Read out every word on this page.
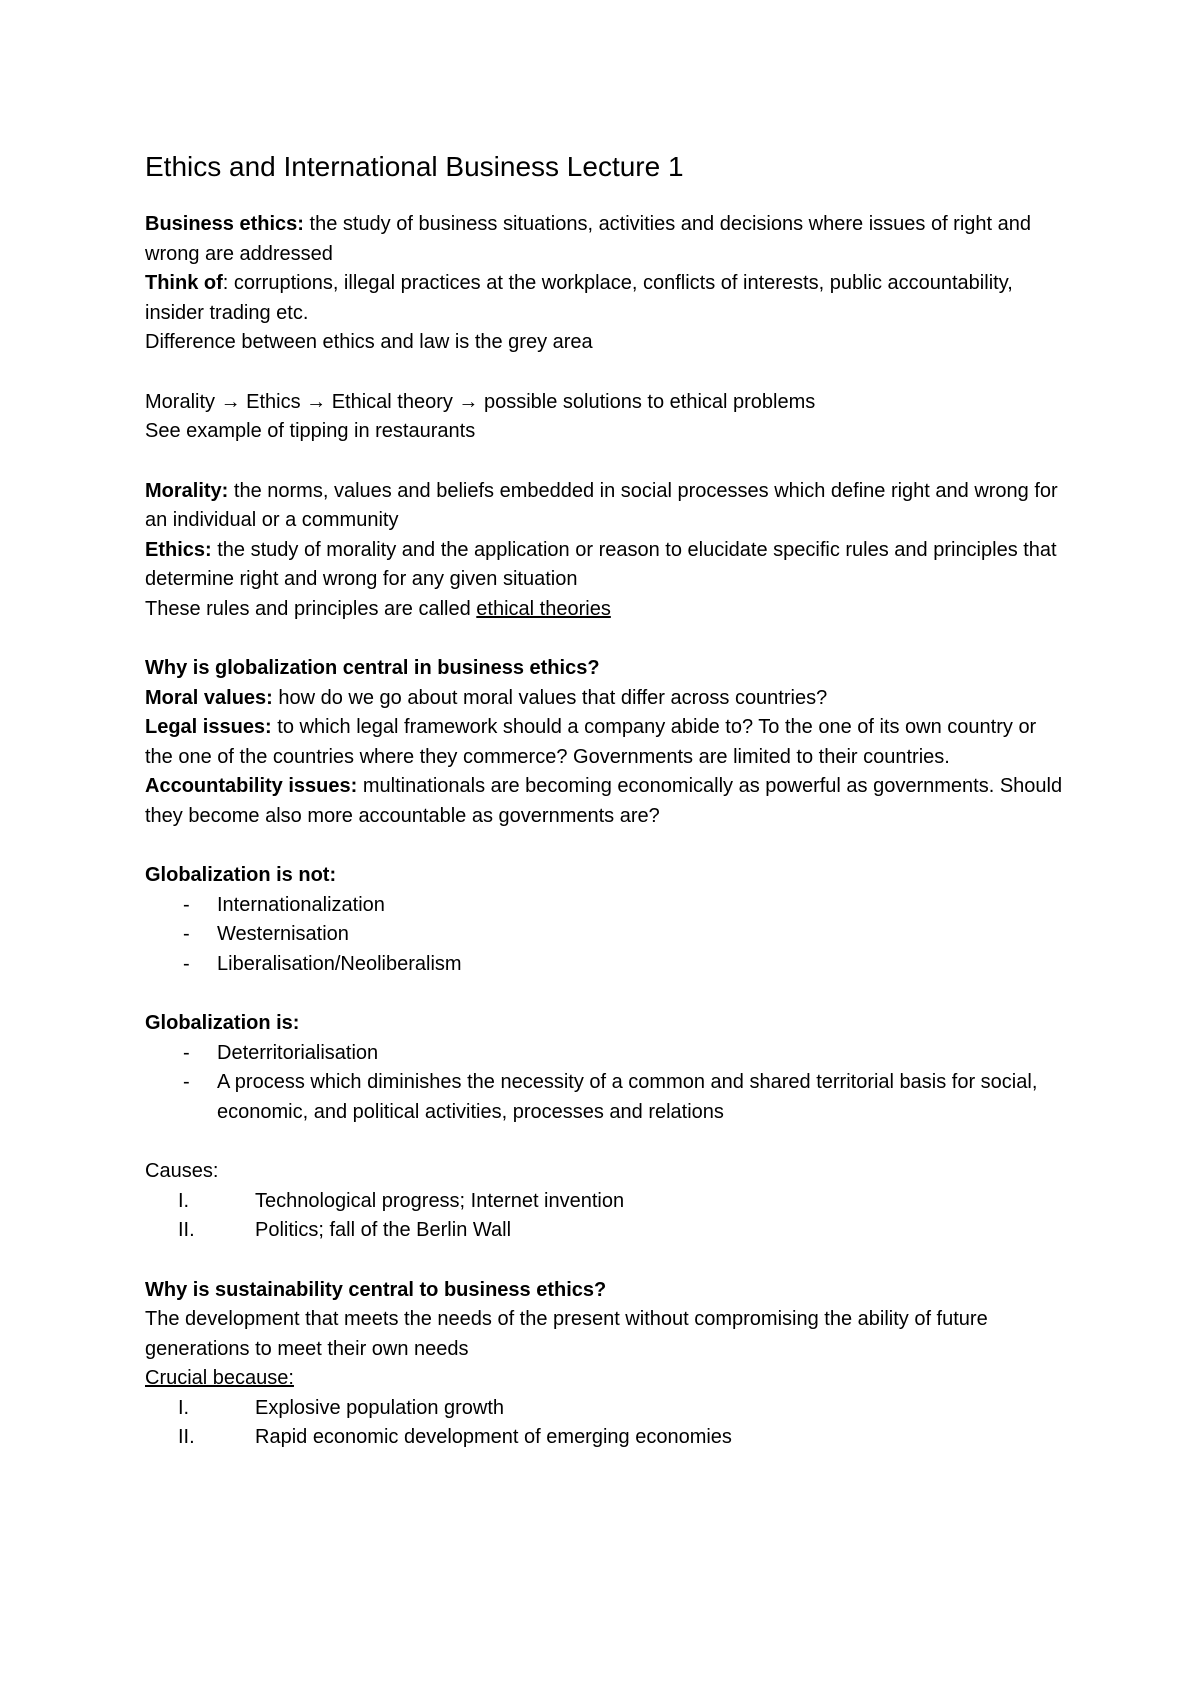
Ethics and International Business Lecture 1

Business ethics: the study of business situations, activities and decisions where issues of right and wrong are addressed

Think of: corruptions, illegal practices at the workplace, conflicts of interests, public accountability, insider trading etc.

Difference between ethics and law is the grey area

Morality → Ethics → Ethical theory → possible solutions to ethical problems

See example of tipping in restaurants

Morality: the norms, values and beliefs embedded in social processes which define right and wrong for an individual or a community

Ethics: the study of morality and the application or reason to elucidate specific rules and principles that determine right and wrong for any given situation

These rules and principles are called ethical theories

Why is globalization central in business ethics?

Moral values: how do we go about moral values that differ across countries?

Legal issues: to which legal framework should a company abide to? To the one of its own country or the one of the countries where they commerce? Governments are limited to their countries.

Accountability issues: multinationals are becoming economically as powerful as governments. Should they become also more accountable as governments are?

Globalization is not:

- Internationalization
- Westernisation
- Liberalisation/Neoliberalism

Globalization is:

- Deterritorialisation
- A process which diminishes the necessity of a common and shared territorial basis for social, economic, and political activities, processes and relations

Causes:

I.	Technological progress; Internet invention
II.	Politics; fall of the Berlin Wall

Why is sustainability central to business ethics?

The development that meets the needs of the present without compromising the ability of future generations to meet their own needs

Crucial because:

I.	Explosive population growth
II.	Rapid economic development of emerging economies
